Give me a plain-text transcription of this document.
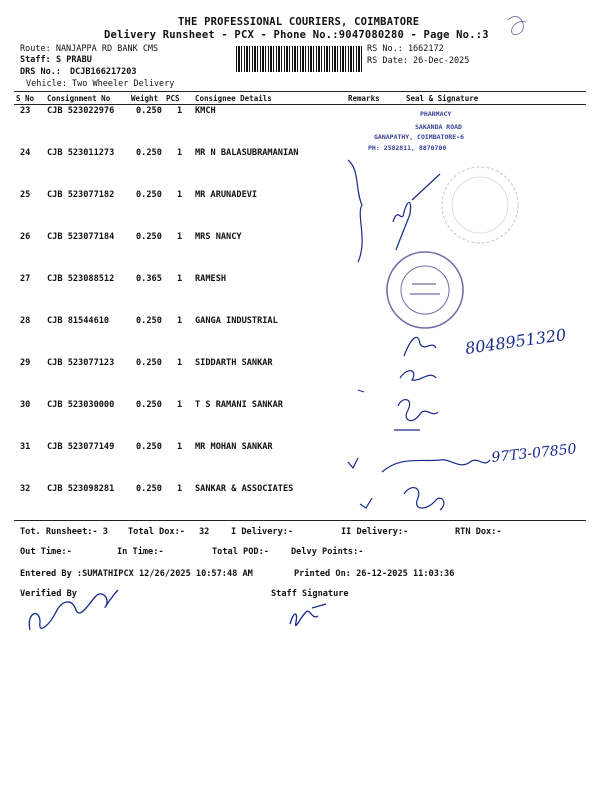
THE PROFESSIONAL COURIERS, COIMBATORE
Delivery Runsheet - PCX - Phone No.:9047080280 - Page No.:3
Route: NANJAPPA RD BANK CMS
Staff: S PRABU
DRS No.: DCJB166217203
Vehicle: Two Wheeler Delivery
RS No.: 1662172
RS Date: 26-Dec-2025
S No Consignment No	Weight PCS Consignee Details	Remarks	Seal & Signature
23 CJB 523022976	0.250 1 KMCH
24 CJB 523011273	0.250 1 MR N BALASUBRAMANIAN
25 CJB 523077182	0.250 1 MR ARUNADEVI
26 CJB 523077184	0.250 1 MRS NANCY
27 CJB 523088512	0.365 1 RAMESH
28 CJB 81544610	0.250 1 GANGA INDUSTRIAL
29 CJB 523077123	0.250 1 SIDDARTH SANKAR
30 CJB 523030000	0.250 1 T S RAMANI SANKAR
31 CJB 523077149	0.250 1 MR MOHAN SANKAR
32 CJB 523098281	0.250 1 SANKAR & ASSOCIATES
Tot. Runsheet:- 3 Total Dox:- 32	I Delivery:-	II Delivery:-	RTN Dox:-
Out Time:-	In Time:-	Total POD:-	Delvy Points:-
Entered By :SUMATHIPCX 12/26/2025 10:57:48 AM	Printed On: 26-12-2025 11:03:36
Verified By	Staff Signature
PHARMACY
SAKANDA ROAD
GANAPATHY, COIMBATORE-6
PH: 2582811, 8870700
8048951320
97T3-07850
